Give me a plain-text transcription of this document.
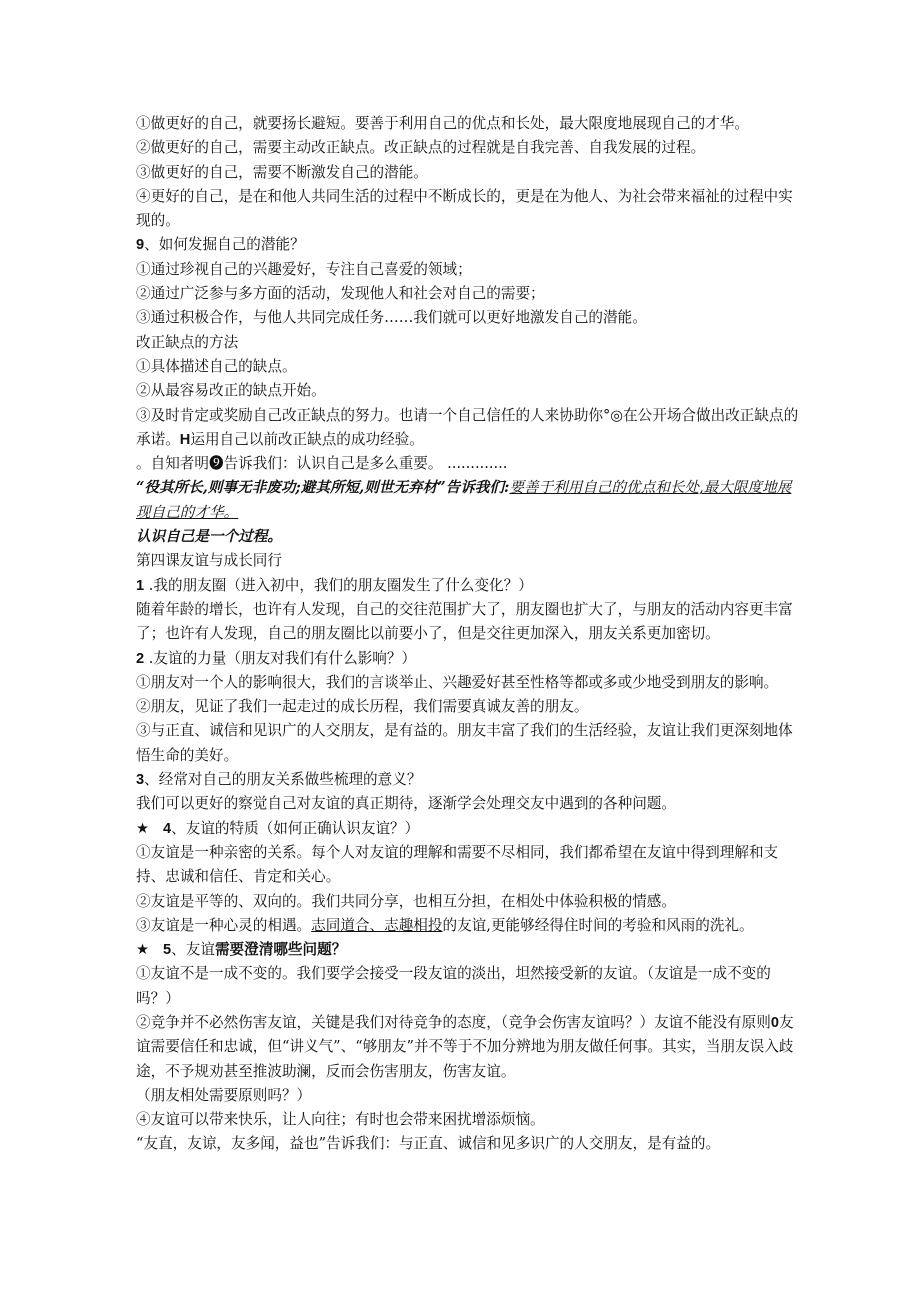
①做更好的自己，就要扬长避短。要善于利用自己的优点和长处，最大限度地展现自己的才华。

②做更好的自己，需要主动改正缺点。改正缺点的过程就是自我完善、自我发展的过程。

③做更好的自己，需要不断激发自己的潜能。

④更好的自己，是在和他人共同生活的过程中不断成长的，更是在为他人、为社会带来福祉的过程中实现的。

9、如何发掘自己的潜能？

①通过珍视自己的兴趣爱好，专注自己喜爱的领域；

②通过广泛参与多方面的活动，发现他人和社会对自己的需要；

③通过积极合作，与他人共同完成任务……我们就可以更好地激发自己的潜能。

改正缺点的方法

①具体描述自己的缺点。

②从最容易改正的缺点开始。

③及时肯定或奖励自己改正缺点的努力。也请一个自己信任的人来协助你°◎在公开场合做出改正缺点的承诺。H运用自己以前改正缺点的成功经验。

。自知者明❾告诉我们：认识自己是多么重要。 .............

“役其所长,则事无非废功;避其所短,则世无弃材”告诉我们:要善于利用自己的优点和长处,最大限度地展现自己的才华。

认识自己是一个过程。

第四课友谊与成长同行

1 .我的朋友圈（进入初中，我们的朋友圈发生了什么变化？）

随着年龄的增长，也许有人发现，自己的交往范围扩大了，朋友圈也扩大了，与朋友的活动内容更丰富了；也许有人发现，自己的朋友圈比以前要小了，但是交往更加深入，朋友关系更加密切。

2 .友谊的力量（朋友对我们有什么影响？）

①朋友对一个人的影响很大，我们的言谈举止、兴趣爱好甚至性格等都或多或少地受到朋友的影响。

②朋友，见证了我们一起走过的成长历程，我们需要真诚友善的朋友。

③与正直、诚信和见识广的人交朋友，是有益的。朋友丰富了我们的生活经验，友谊让我们更深刻地体悟生命的美好。

3、经常对自己的朋友关系做些梳理的意义？

我们可以更好的察觉自己对友谊的真正期待，逐渐学会处理交友中遇到的各种问题。

★ 4、友谊的特质（如何正确认识友谊？）

①友谊是一种亲密的关系。每个人对友谊的理解和需要不尽相同，我们都希望在友谊中得到理解和支持、忠诚和信任、肯定和关心。

②友谊是平等的、双向的。我们共同分享，也相互分担，在相处中体验积极的情感。

③友谊是一种心灵的相遇。志同道合、志趣相投的友谊,更能够经得住时间的考验和风雨的洗礼。

★ 5、友谊需要澄清哪些问题？

①友谊不是一成不变的。我们要学会接受一段友谊的淡出，坦然接受新的友谊。（友谊是一成不变的吗？）

②竞争并不必然伤害友谊，关键是我们对待竞争的态度，（竞争会伤害友谊吗？）友谊不能没有原则0友谊需要信任和忠诚，但“讲义气”、“够朋友”并不等于不加分辨地为朋友做任何事。其实，当朋友误入歧途，不予规劝甚至推波助澜，反而会伤害朋友，伤害友谊。

（朋友相处需要原则吗？）

④友谊可以带来快乐，让人向往；有时也会带来困扰增添烦恼。

“友直，友谅，友多闻，益也”告诉我们：与正直、诚信和见多识广的人交朋友，是有益的。
